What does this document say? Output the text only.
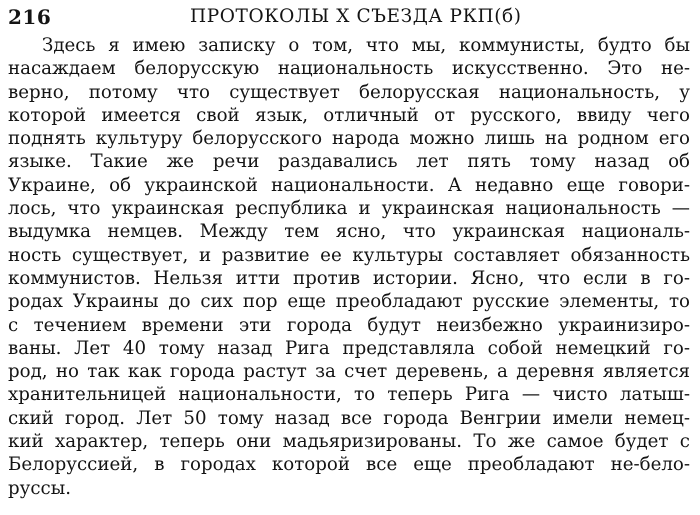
216	ПРОТОКОЛЫ X СЪЕЗДА РКП(б)
Здесь я имею записку о том, что мы, коммунисты, будто бы
насаждаем белорусскую национальность искусственно. Это не-
верно, потому что существует белорусская национальность, у
которой имеется свой язык, отличный от русского, ввиду чего
поднять культуру белорусского народа можно лишь на родном его
языке. Такие же речи раздавались лет пять тому назад об
Украине, об украинской национальности. А недавно еще говори-
лось, что украинская республика и украинская национальность —
выдумка немцев. Между тем ясно, что украинская националь-
ность существует, и развитие ее культуры составляет обязанность
коммунистов. Нельзя итти против истории. Ясно, что если в го-
родах Украины до сих пор еще преобладают русские элементы, то
с течением времени эти города будут неизбежно украинизиро-
ваны. Лет 40 тому назад Рига представляла собой немецкий го-
род, но так как города растут за счет деревень, а деревня является
хранительницей национальности, то теперь Рига — чисто латыш-
ский город. Лет 50 тому назад все города Венгрии имели немец-
кий характер, теперь они мадьяризированы. То же самое будет с
Белоруссией, в городах которой все еще преобладают не-бело-
руссы.
